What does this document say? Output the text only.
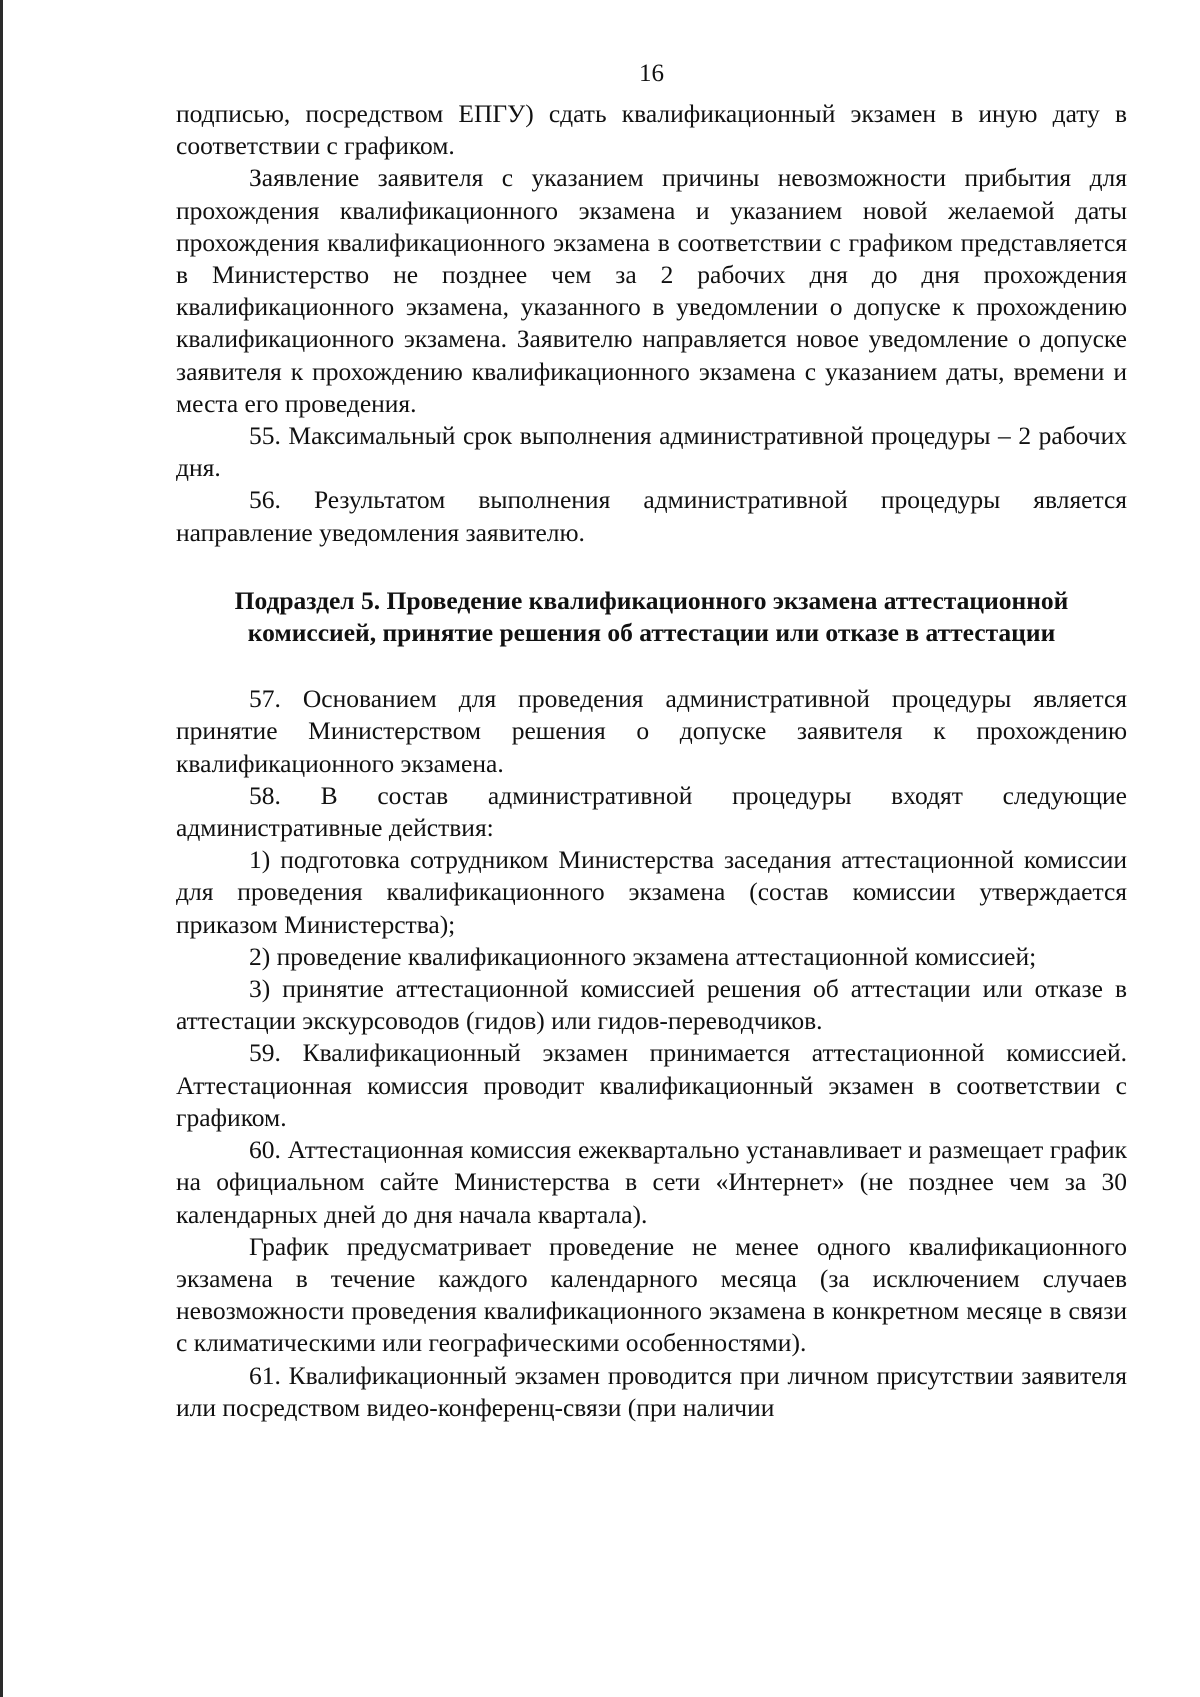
16

подписью, посредством ЕПГУ) сдать квалификационный экзамен в иную дату в соответствии с графиком.

Заявление заявителя с указанием причины невозможности прибытия для прохождения квалификационного экзамена и указанием новой желаемой даты прохождения квалификационного экзамена в соответствии с графиком представляется в Министерство не позднее чем за 2 рабочих дня до дня прохождения квалификационного экзамена, указанного в уведомлении о допуске к прохождению квалификационного экзамена. Заявителю направляется новое уведомление о допуске заявителя к прохождению квалификационного экзамена с указанием даты, времени и места его проведения.

55. Максимальный срок выполнения административной процедуры – 2 рабочих дня.

56. Результатом выполнения административной процедуры является направление уведомления заявителю.

Подраздел 5. Проведение квалификационного экзамена аттестационной
комиссией, принятие решения об аттестации или отказе в аттестации

57. Основанием для проведения административной процедуры является принятие Министерством решения о допуске заявителя к прохождению квалификационного экзамена.

58. В состав административной процедуры входят следующие административные действия:

1) подготовка сотрудником Министерства заседания аттестационной комиссии для проведения квалификационного экзамена (состав комиссии утверждается приказом Министерства);

2) проведение квалификационного экзамена аттестационной комиссией;

3) принятие аттестационной комиссией решения об аттестации или отказе в аттестации экскурсоводов (гидов) или гидов-переводчиков.

59. Квалификационный экзамен принимается аттестационной комиссией. Аттестационная комиссия проводит квалификационный экзамен в соответствии с графиком.

60. Аттестационная комиссия ежеквартально устанавливает и размещает график на официальном сайте Министерства в сети «Интернет» (не позднее чем за 30 календарных дней до дня начала квартала).

График предусматривает проведение не менее одного квалификационного экзамена в течение каждого календарного месяца (за исключением случаев невозможности проведения квалификационного экзамена в конкретном месяце в связи с климатическими или географическими особенностями).

61. Квалификационный экзамен проводится при личном присутствии заявителя или посредством видео-конференц-связи (при наличии
